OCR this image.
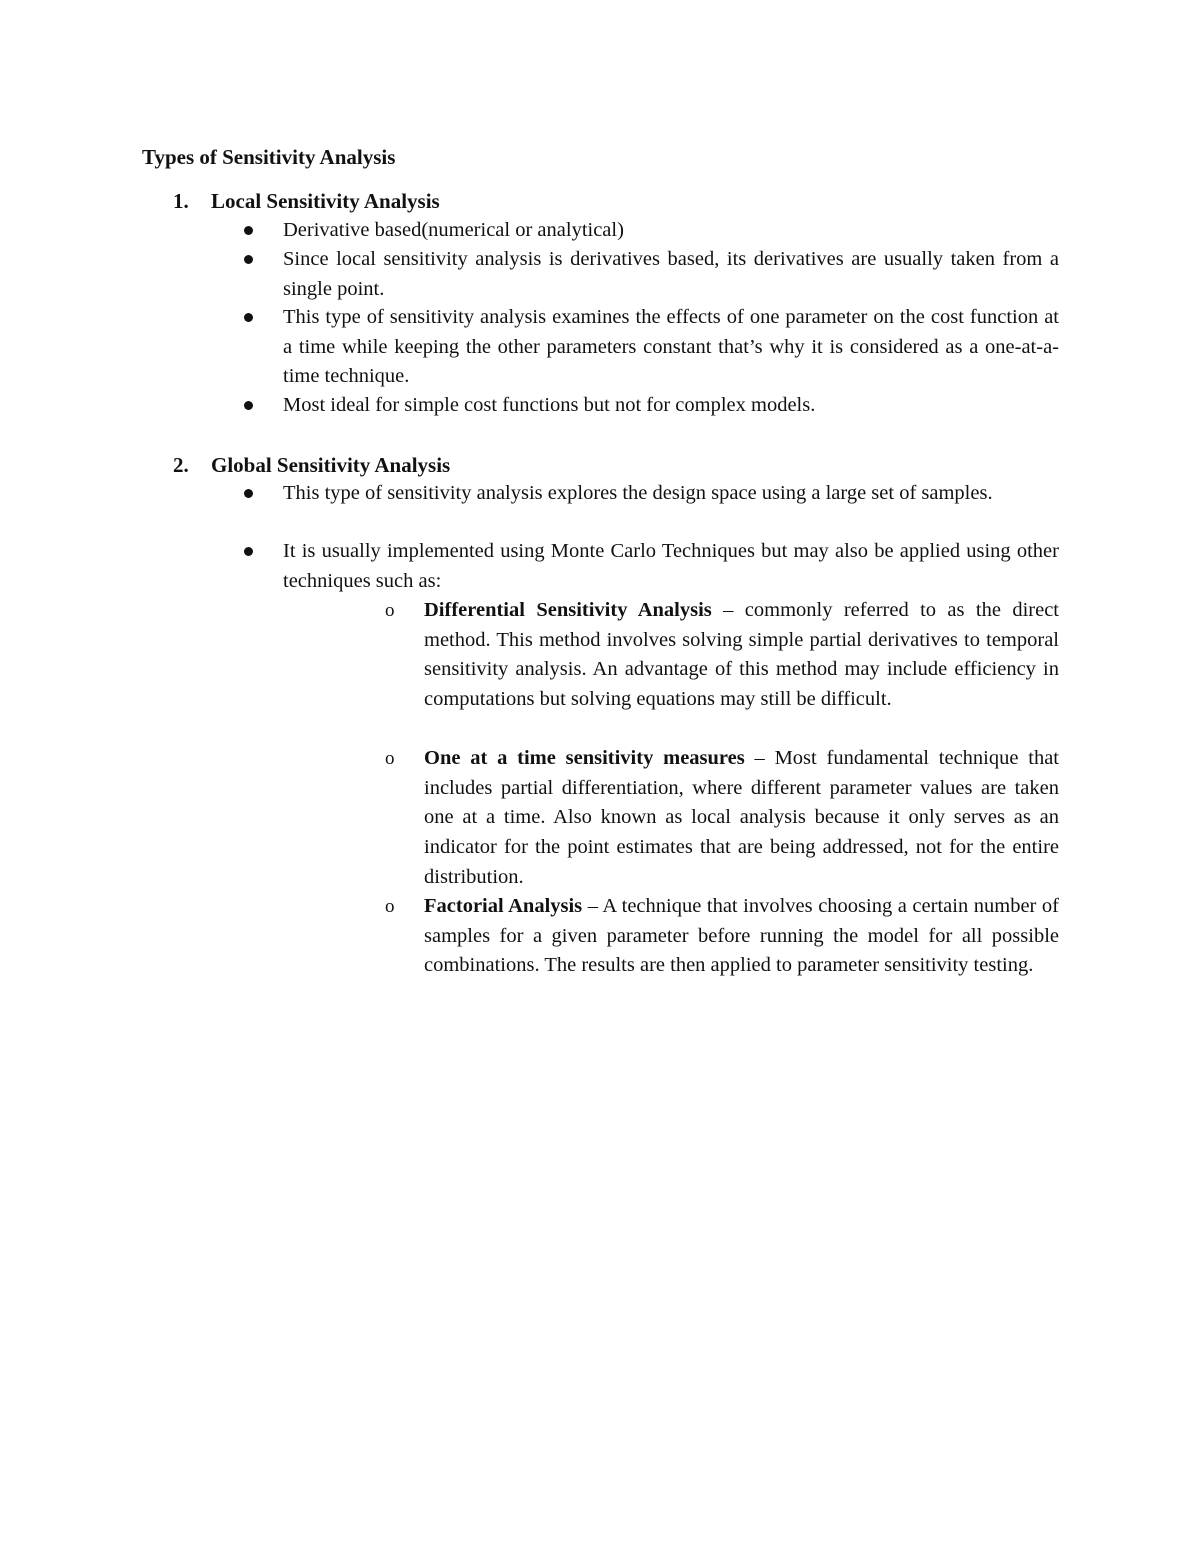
Types of Sensitivity Analysis
1. Local Sensitivity Analysis
Derivative based(numerical or analytical)
Since local sensitivity analysis is derivatives based, its derivatives are usually taken from a single point.
This type of sensitivity analysis examines the effects of one parameter on the cost function at a time while keeping the other parameters constant that’s why it is considered as a one-at-a-time technique.
Most ideal for simple cost functions but not for complex models.
2. Global Sensitivity Analysis
This type of sensitivity analysis explores the design space using a large set of samples.
It is usually implemented using Monte Carlo Techniques but may also be applied using other techniques such as:
o Differential Sensitivity Analysis – commonly referred to as the direct method. This method involves solving simple partial derivatives to temporal sensitivity analysis. An advantage of this method may include efficiency in computations but solving equations may still be difficult.
o One at a time sensitivity measures – Most fundamental technique that includes partial differentiation, where different parameter values are taken one at a time. Also known as local analysis because it only serves as an indicator for the point estimates that are being addressed, not for the entire distribution.
o Factorial Analysis – A technique that involves choosing a certain number of samples for a given parameter before running the model for all possible combinations. The results are then applied to parameter sensitivity testing.
